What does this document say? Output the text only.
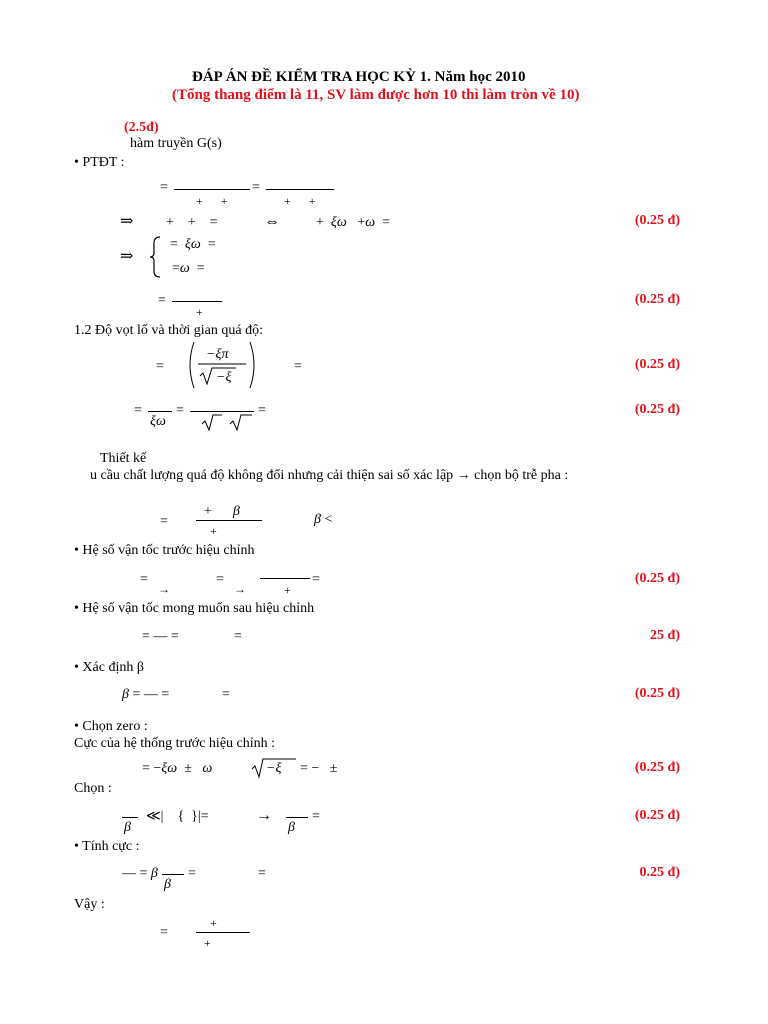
ĐÁP ÁN ĐỀ KIỂM TRA HỌC KỲ 1. Năm học 2010
(Tổng thang điểm là 11, SV làm được hơn 10 thì làm tròn về 10)
(2.5đ)
hàm truyền G(s)
• PTĐT :
=
+      +
=
+      +
⇒ +    +    =	⇔	+  ξω   +ω  =	(0.25 đ)
⇒
=  ξω  =
=ω  =
=
+
(0.25 đ)
1.2 Độ vọt lố và thời gian quá độ:
=
−ξπ
−ξ
=	(0.25 đ)
=
ξω
=	=	(0.25 đ)
Thiết kế
u cầu chất lượng quá độ không đổi nhưng cải thiện sai số xác lập → chọn bộ trễ pha :
=
+      β
+
β <
• Hệ số vận tốc trước hiệu chỉnh
=
→
=
→	+
=	(0.25 đ)
• Hệ số vận tốc mong muốn sau hiệu chỉnh
= — =	=	25 đ)
• Xác định β
β = — =	=	(0.25 đ)
• Chọn zero :
Cực của hệ thống trước hiệu chỉnh :
= −ξω  ±   ω	−ξ = −   ±	(0.25 đ)
Chọn :
β
≪|    {  }|=	→
β
=	(0.25 đ)
• Tính cực :
— = β
β
=	=	0.25 đ)
Vậy :
=
+
+
